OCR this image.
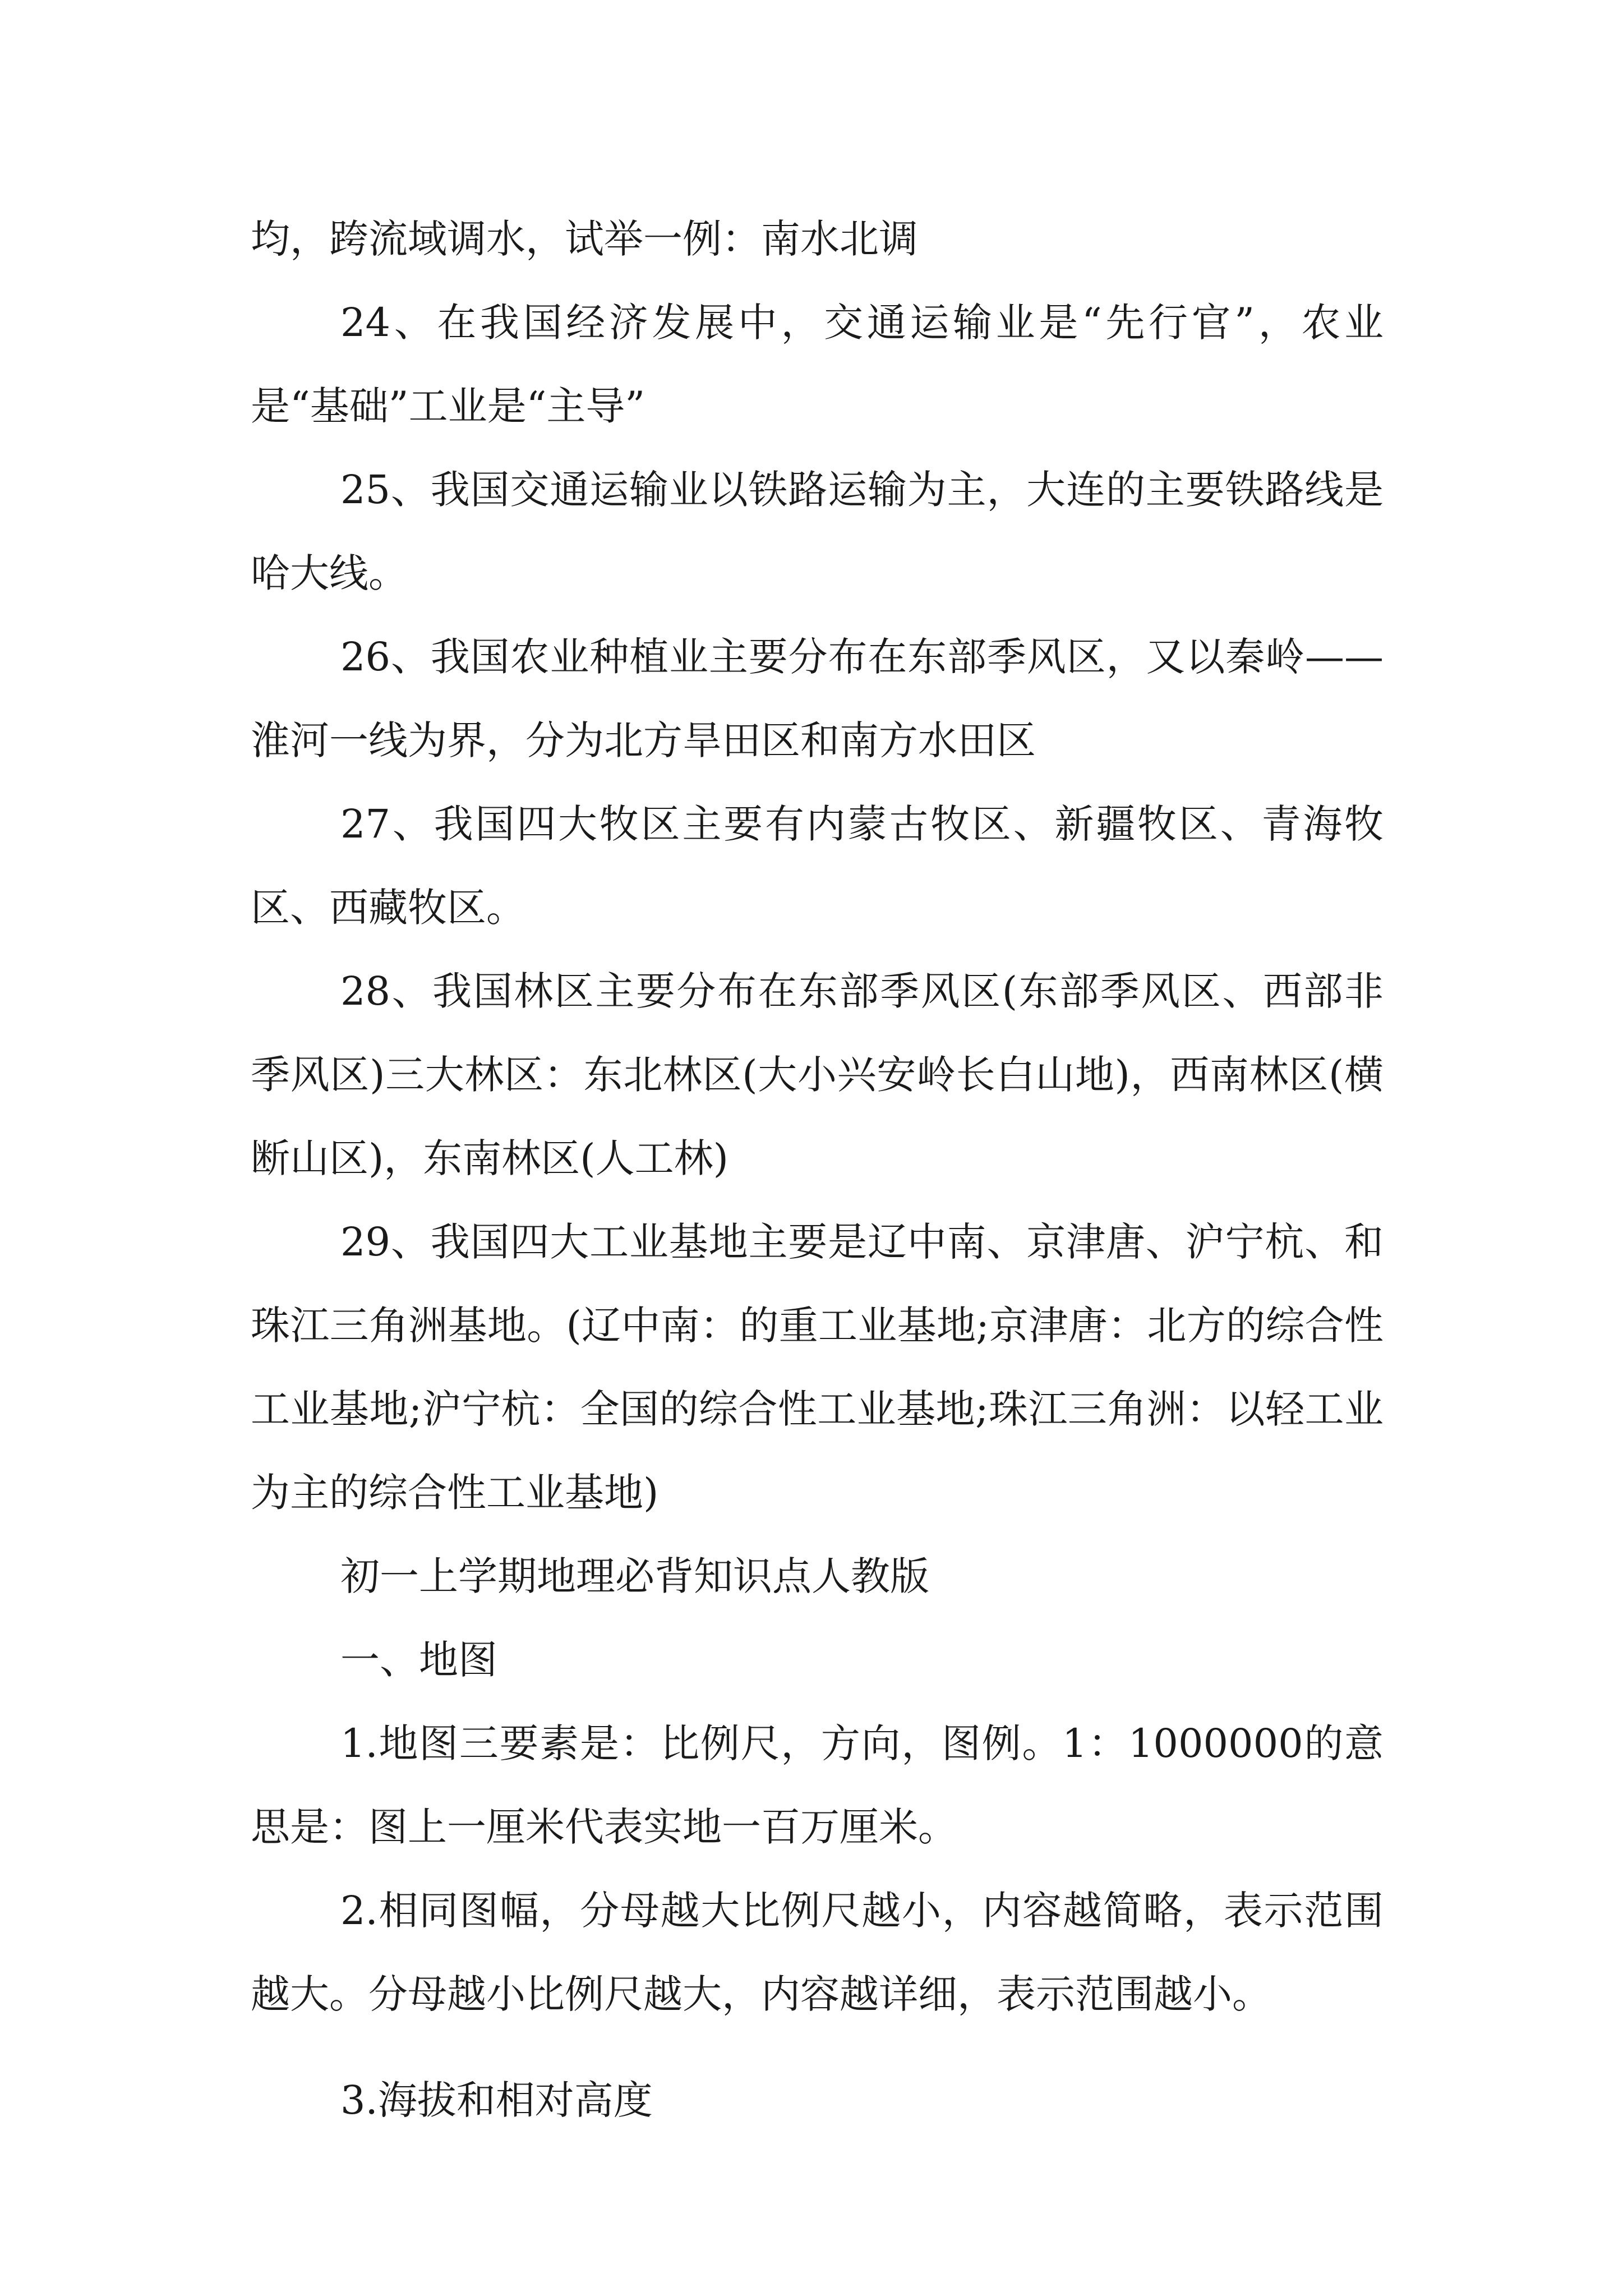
均，跨流域调水，试举一例：南水北调

24、在我国经济发展中，交通运输业是“先行官”，农业是“基础”工业是“主导”

25、我国交通运输业以铁路运输为主，大连的主要铁路线是哈大线。

26、我国农业种植业主要分布在东部季风区，又以秦岭——淮河一线为界，分为北方旱田区和南方水田区

27、我国四大牧区主要有内蒙古牧区、新疆牧区、青海牧区、西藏牧区。

28、我国林区主要分布在东部季风区(东部季风区、西部非季风区)三大林区：东北林区(大小兴安岭长白山地)，西南林区(横断山区)，东南林区(人工林)

29、我国四大工业基地主要是辽中南、京津唐、沪宁杭、和珠江三角洲基地。(辽中南：的重工业基地;京津唐：北方的综合性工业基地;沪宁杭：全国的综合性工业基地;珠江三角洲：以轻工业为主的综合性工业基地)

初一上学期地理必背知识点人教版

一、地图

1.地图三要素是：比例尺，方向，图例。1：1000000的意思是：图上一厘米代表实地一百万厘米。

2.相同图幅，分母越大比例尺越小，内容越简略，表示范围越大。分母越小比例尺越大，内容越详细，表示范围越小。

3.海拔和相对高度
